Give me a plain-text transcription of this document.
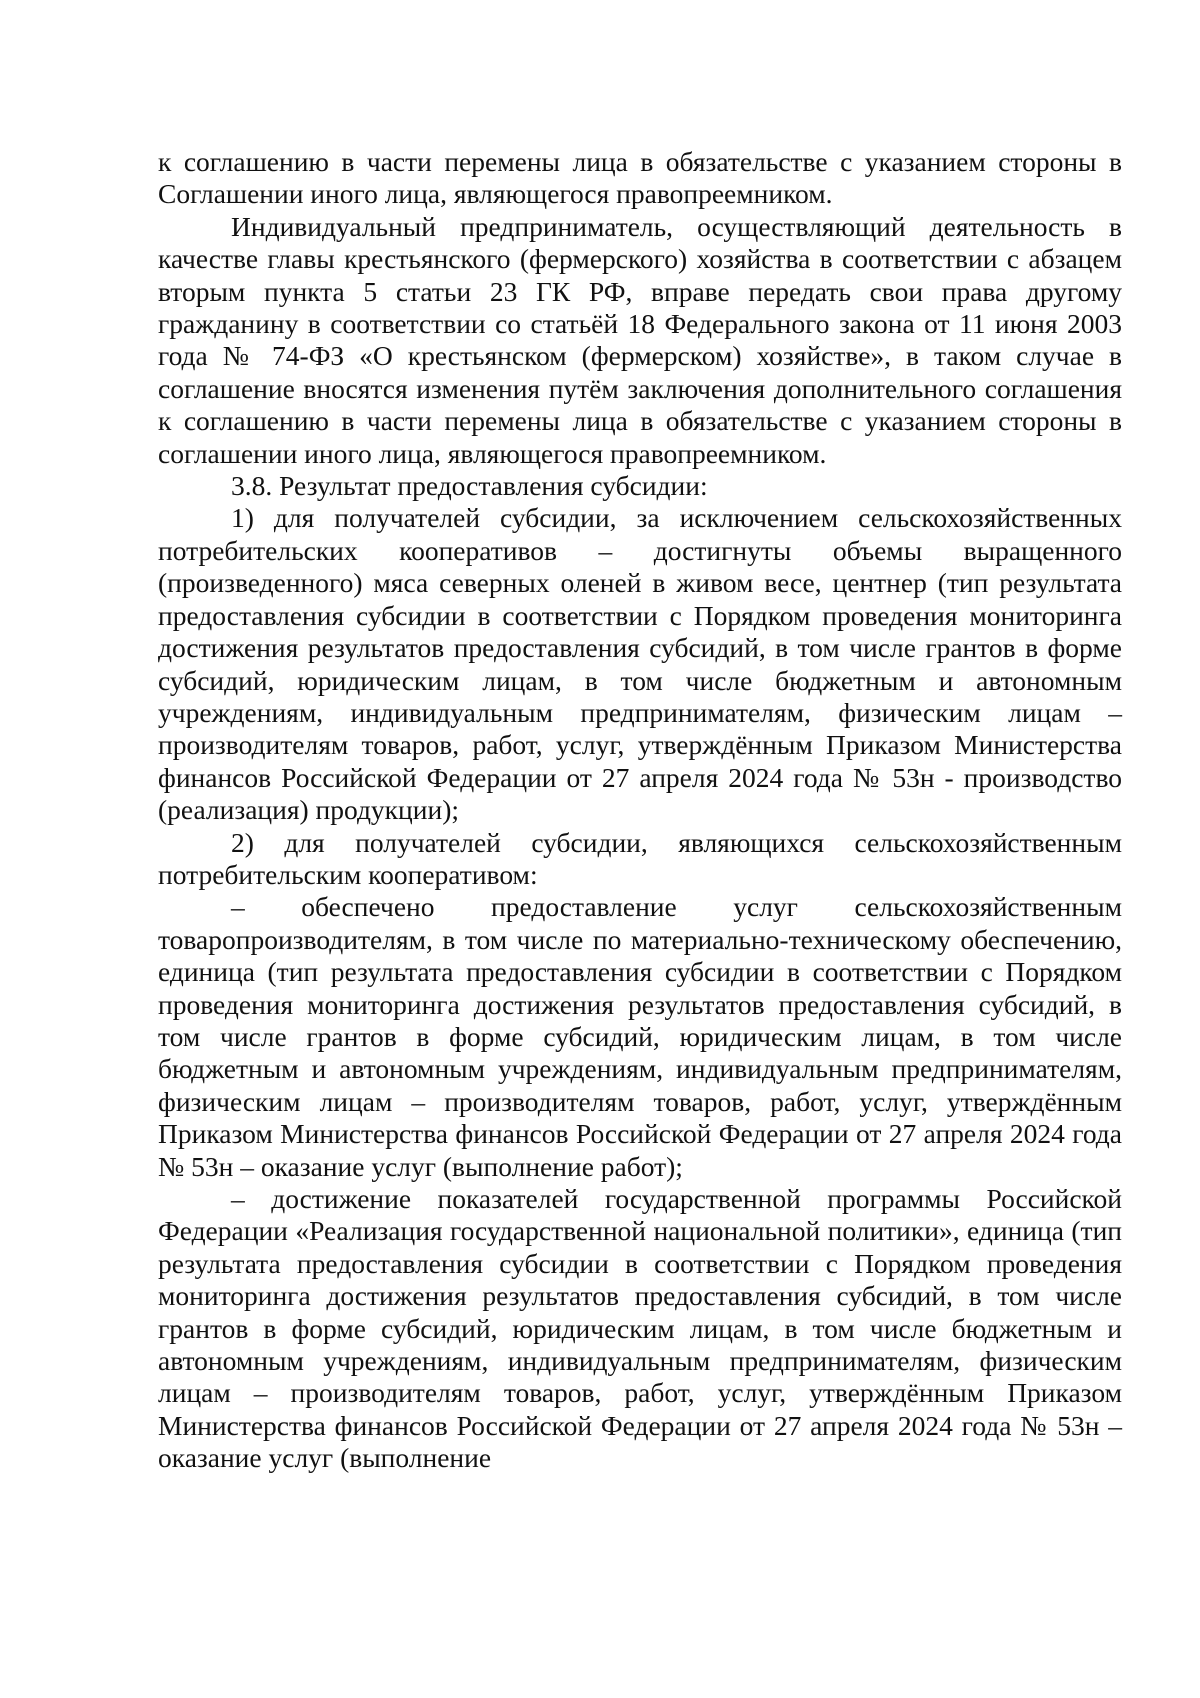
к соглашению в части перемены лица в обязательстве с указанием стороны в Соглашении иного лица, являющегося правопреемником.

Индивидуальный предприниматель, осуществляющий деятельность в качестве главы крестьянского (фермерского) хозяйства в соответствии с абзацем вторым пункта 5 статьи 23 ГК РФ, вправе передать свои права другому гражданину в соответствии со статьёй 18 Федерального закона от 11 июня 2003 года № 74-ФЗ «О крестьянском (фермерском) хозяйстве», в таком случае в соглашение вносятся изменения путём заключения дополнительного соглашения к соглашению в части перемены лица в обязательстве с указанием стороны в соглашении иного лица, являющегося правопреемником.

3.8. Результат предоставления субсидии:

1) для получателей субсидии, за исключением сельскохозяйственных потребительских кооперативов – достигнуты объемы выращенного (произведенного) мяса северных оленей в живом весе, центнер (тип результата предоставления субсидии в соответствии с Порядком проведения мониторинга достижения результатов предоставления субсидий, в том числе грантов в форме субсидий, юридическим лицам, в том числе бюджетным и автономным учреждениям, индивидуальным предпринимателям, физическим лицам – производителям товаров, работ, услуг, утверждённым Приказом Министерства финансов Российской Федерации от 27 апреля 2024 года № 53н - производство (реализация) продукции);

2) для получателей субсидии, являющихся сельскохозяйственным потребительским кооперативом:

– обеспечено предоставление услуг сельскохозяйственным товаропроизводителям, в том числе по материально-техническому обеспечению, единица (тип результата предоставления субсидии в соответствии с Порядком проведения мониторинга достижения результатов предоставления субсидий, в том числе грантов в форме субсидий, юридическим лицам, в том числе бюджетным и автономным учреждениям, индивидуальным предпринимателям, физическим лицам – производителям товаров, работ, услуг, утверждённым Приказом Министерства финансов Российской Федерации от 27 апреля 2024 года № 53н – оказание услуг (выполнение работ);

– достижение показателей государственной программы Российской Федерации «Реализация государственной национальной политики», единица (тип результата предоставления субсидии в соответствии с Порядком проведения мониторинга достижения результатов предоставления субсидий, в том числе грантов в форме субсидий, юридическим лицам, в том числе бюджетным и автономным учреждениям, индивидуальным предпринимателям, физическим лицам – производителям товаров, работ, услуг, утверждённым Приказом Министерства финансов Российской Федерации от 27 апреля 2024 года № 53н – оказание услуг (выполнение
